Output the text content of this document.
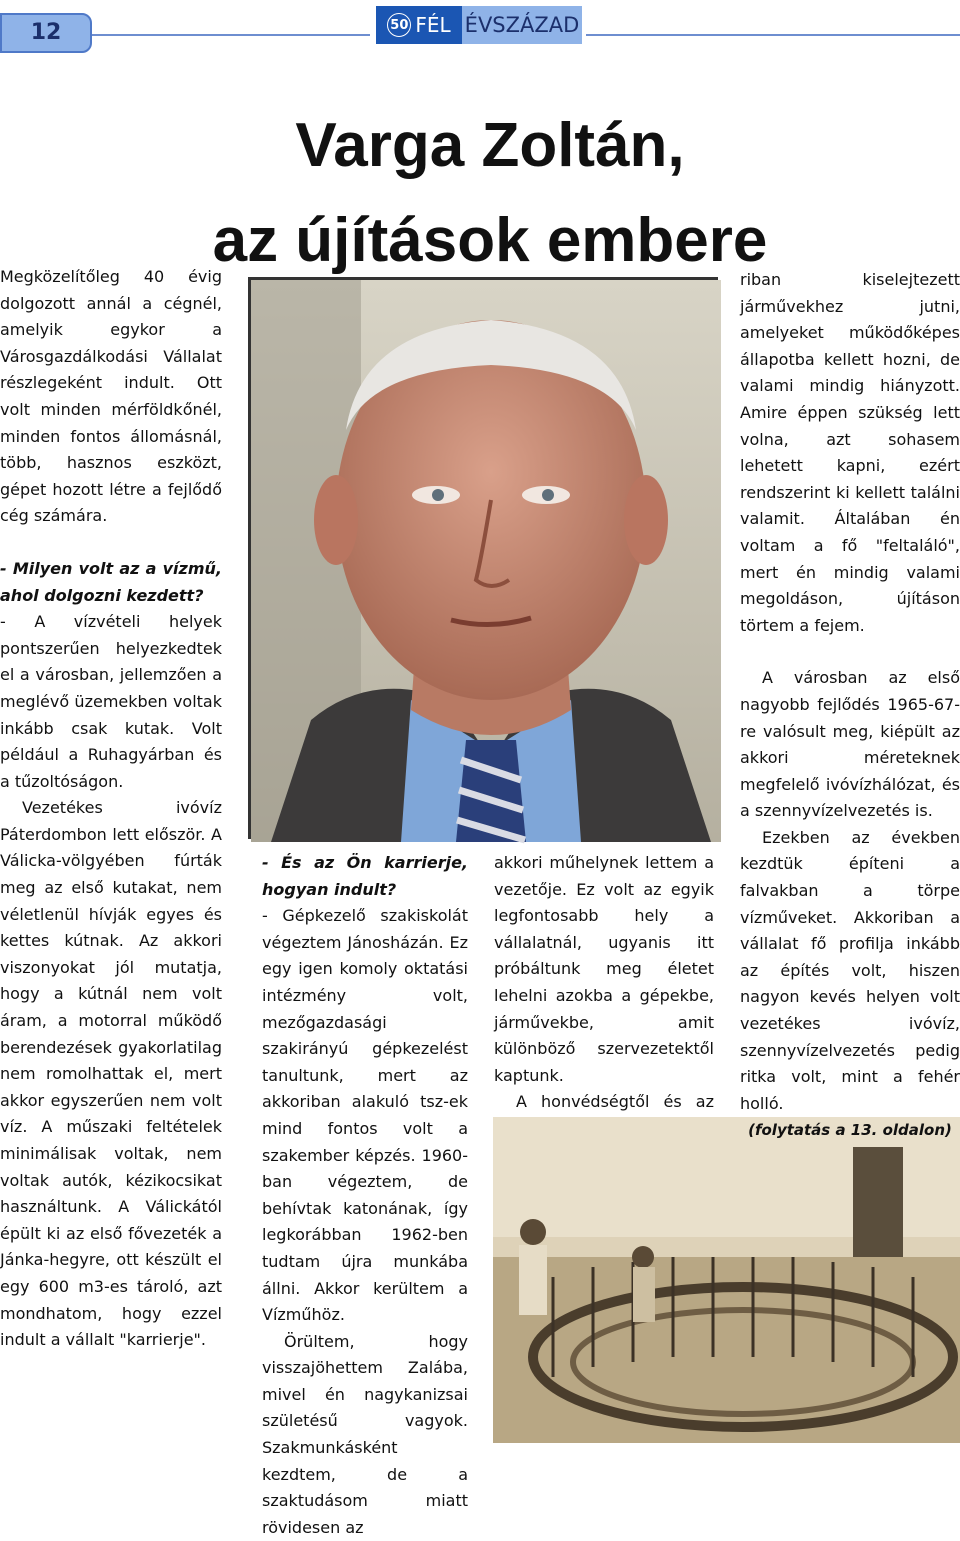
12	50 FÉL ÉVSZÁZAD
Varga Zoltán,
az újítások embere

Megközelítőleg 40 évig dolgozott annál a cégnél, amelyik egykor a Városgazdálkodási Vállalat részlegeként indult. Ott volt minden mérföldkőnél, minden fontos állomásnál, több, hasznos eszközt, gépet hozott létre a fejlődő cég számára.

- Milyen volt az a vízmű, ahol dolgozni kezdett?

- A vízvételi helyek pontszerűen helyezkedtek el a városban, jellemzően a meglévő üzemekben voltak inkább csak kutak. Volt például a Ruhagyárban és a tűzoltóságon.

Vezetékes ivóvíz Páterdombon lett először. A Válicka-völgyében fúrták meg az első kutakat, nem véletlenül hívják egyes és kettes kútnak. Az akkori viszonyokat jól mutatja, hogy a kútnál nem volt áram, a motorral működő berendezések gyakorlatilag nem romolhattak el, mert akkor egyszerűen nem volt víz. A műszaki feltételek minimálisak voltak, nem voltak autók, kézikocsikat használtunk. A Válickától épült ki az első fővezeték a Jánka-hegyre, ott készült el egy 600 m3-es tároló, azt mondhatom, hogy ezzel indult a vállalt "karrierje".

- És az Ön karrierje, hogyan indult?

- Gépkezelő szakiskolát végeztem Jánosházán. Ez egy igen komoly oktatási intézmény volt, mezőgazdasági szakirányú gépkezelést tanultunk, mert az akkoriban alakuló tsz-ek mind fontos volt a szakember képzés. 1960-ban végeztem, de behívtak katonának, így legkorábban 1962-ben tudtam újra munkába állni. Akkor kerültem a Vízműhöz.

Örültem, hogy visszajöhettem Zalába, mivel én nagykanizsai születésű vagyok. Szakmunkásként kezdtem, de a szaktudásom miatt rövidesen az

akkori műhelynek lettem a vezetője. Ez volt az egyik legfontosabb hely a vállalatnál, ugyanis itt próbáltunk meg életet lehelni azokba a gépekbe, járművekbe, amit különböző szervezetektől kaptunk.

A honvédségtől és az

riban kiselejtezett járművekhez jutni, amelyeket működőképes állapotba kellett hozni, de valami mindig hiányzott. Amire éppen szükség lett volna, azt sohasem lehetett kapni, ezért rendszerint ki kellett találni valamit. Általában én voltam a fő "feltaláló", mert én mindig valami megoldáson, újításon törtem a fejem.

A városban az első nagyobb fejlődés 1965-67-re valósult meg, kiépült az akkori méreteknek megfelelő ivóvízhálózat, és a szennyvízelvezetés is.

Ezekben az években kezdtük építeni a falvakban a törpe vízműveket. Akkoriban a vállalat fő profilja inkább az építés volt, hiszen nagyon kevés helyen volt vezetékes ivóvíz, szennyvízelvezetés pedig ritka volt, mint a fehér holló.

(folytatás a 13. oldalon)
